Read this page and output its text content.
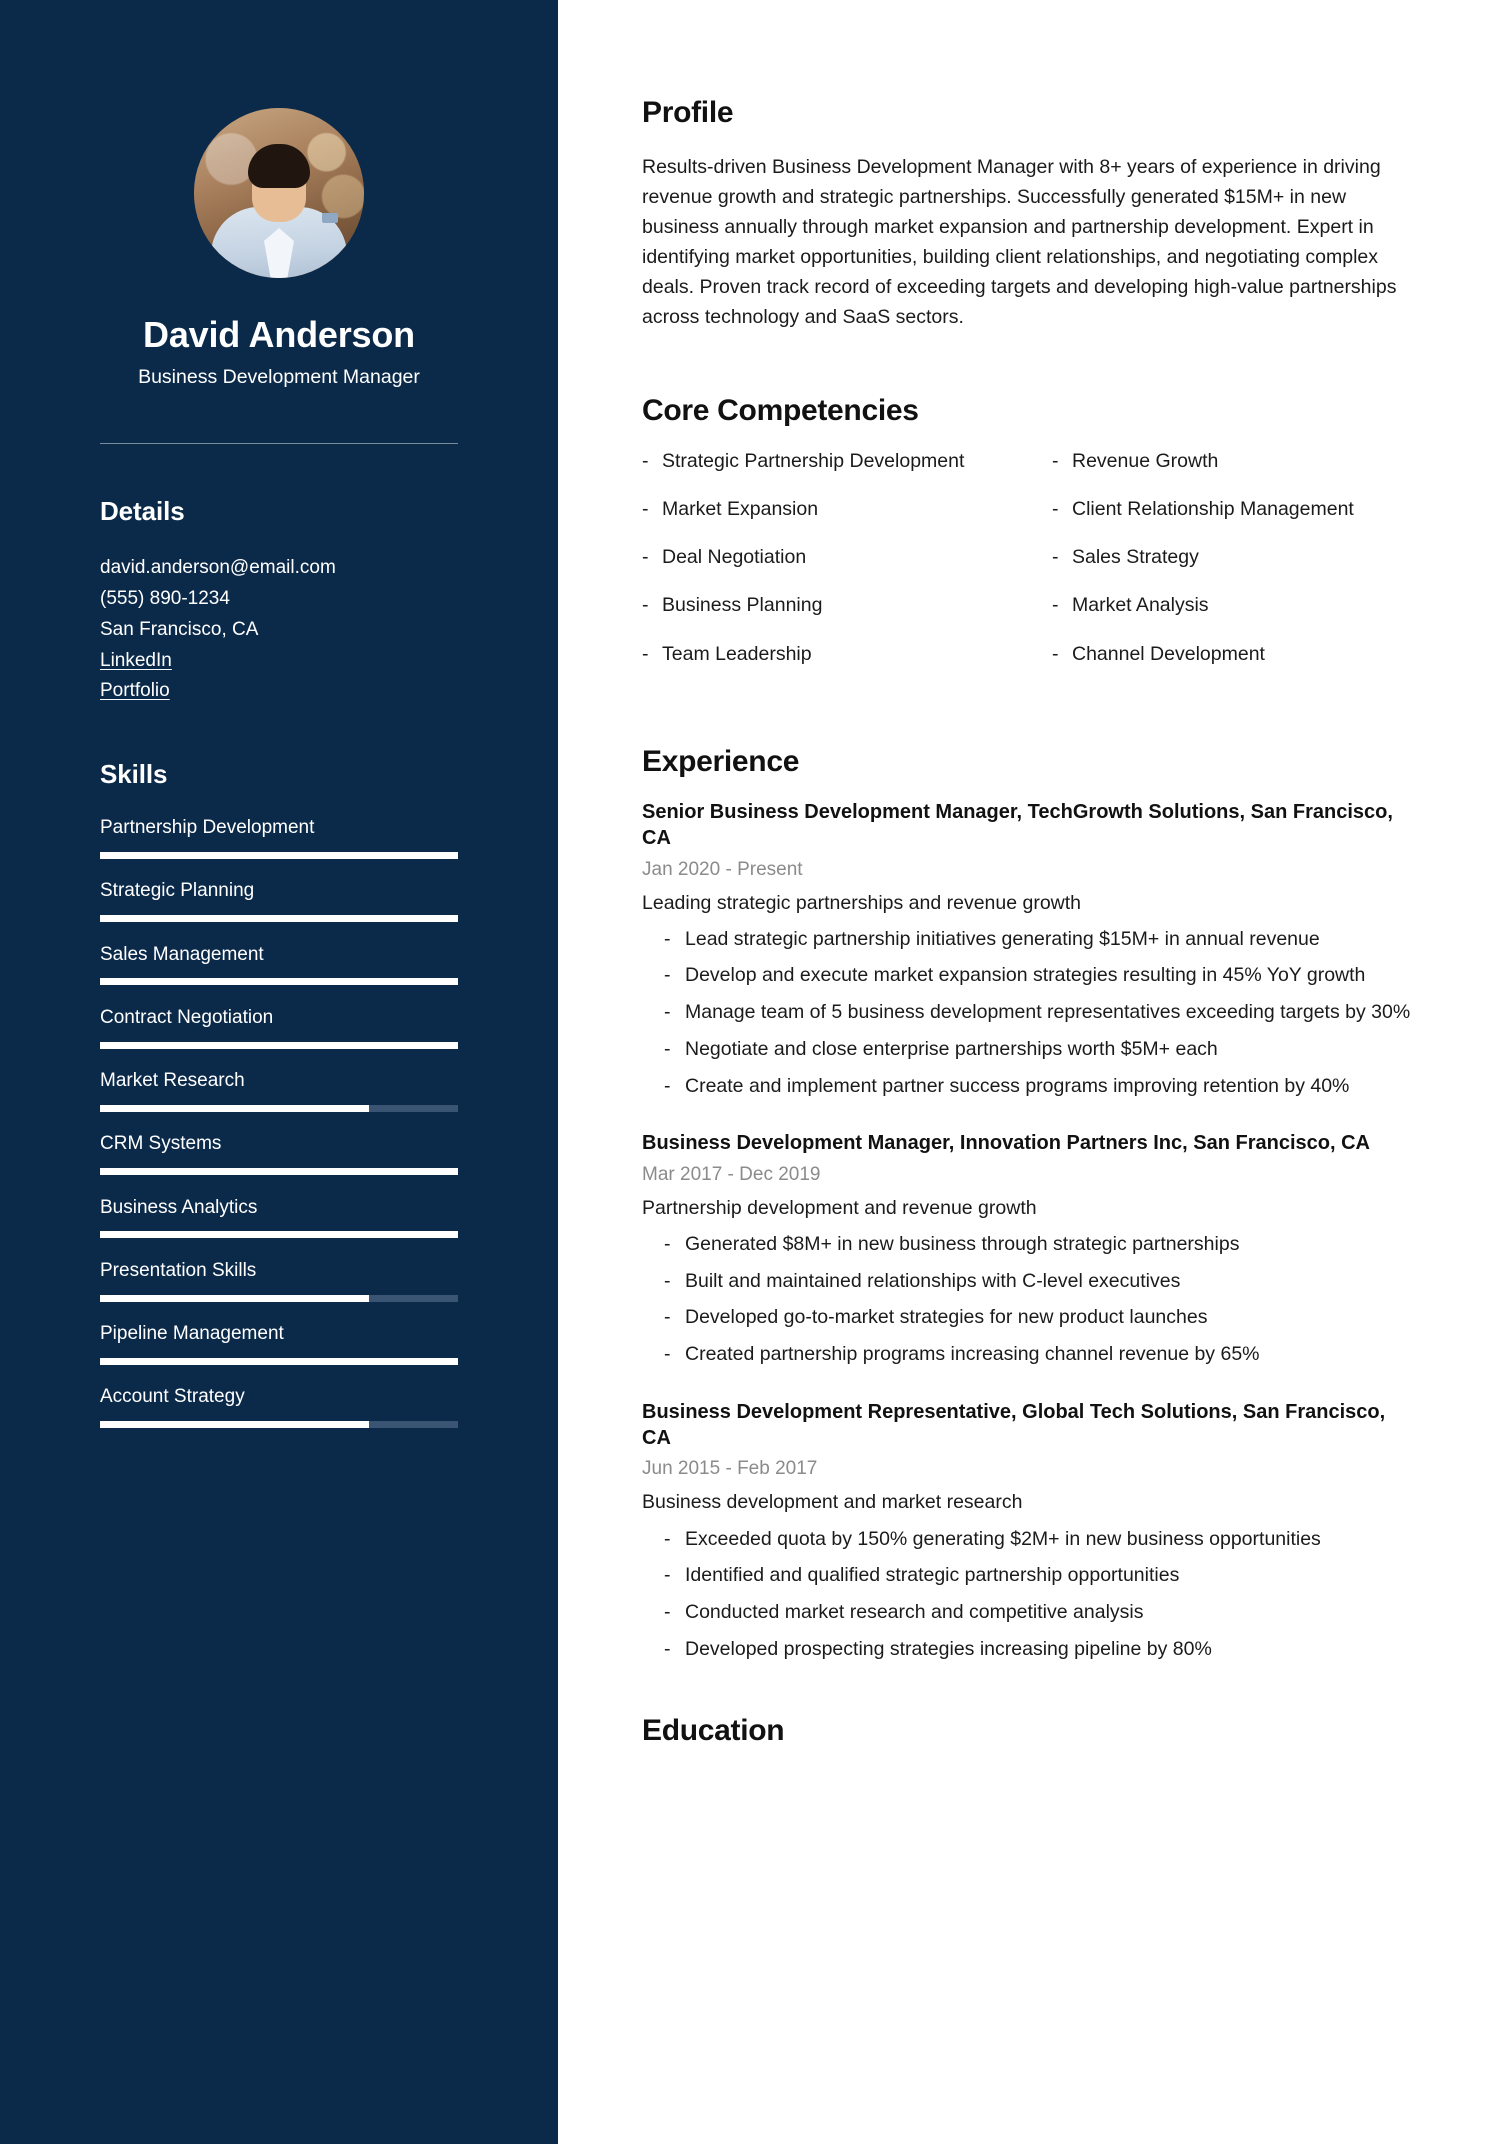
David Anderson
Business Development Manager
Details
david.anderson@email.com
(555) 890-1234
San Francisco, CA
LinkedIn
Portfolio
Skills
Partnership Development
Strategic Planning
Sales Management
Contract Negotiation
Market Research
CRM Systems
Business Analytics
Presentation Skills
Pipeline Management
Account Strategy
Profile

Results-driven Business Development Manager with 8+ years of experience in driving revenue growth and strategic partnerships. Successfully generated $15M+ in new business annually through market expansion and partnership development. Expert in identifying market opportunities, building client relationships, and negotiating complex deals. Proven track record of exceeding targets and developing high-value partnerships across technology and SaaS sectors.

Core Competencies
- Strategic Partnership Development
- Market Expansion
- Deal Negotiation
- Business Planning
- Team Leadership
- Revenue Growth
- Client Relationship Management
- Sales Strategy
- Market Analysis
- Channel Development
Experience
Senior Business Development Manager, TechGrowth Solutions, San Francisco, CA
Jan 2020 - Present
Leading strategic partnerships and revenue growth
- Lead strategic partnership initiatives generating $15M+ in annual revenue
- Develop and execute market expansion strategies resulting in 45% YoY growth
- Manage team of 5 business development representatives exceeding targets by 30%
- Negotiate and close enterprise partnerships worth $5M+ each
- Create and implement partner success programs improving retention by 40%
Business Development Manager, Innovation Partners Inc, San Francisco, CA
Mar 2017 - Dec 2019
Partnership development and revenue growth
- Generated $8M+ in new business through strategic partnerships
- Built and maintained relationships with C-level executives
- Developed go-to-market strategies for new product launches
- Created partnership programs increasing channel revenue by 65%
Business Development Representative, Global Tech Solutions, San Francisco, CA
Jun 2015 - Feb 2017
Business development and market research
- Exceeded quota by 150% generating $2M+ in new business opportunities
- Identified and qualified strategic partnership opportunities
- Conducted market research and competitive analysis
- Developed prospecting strategies increasing pipeline by 80%
Education
